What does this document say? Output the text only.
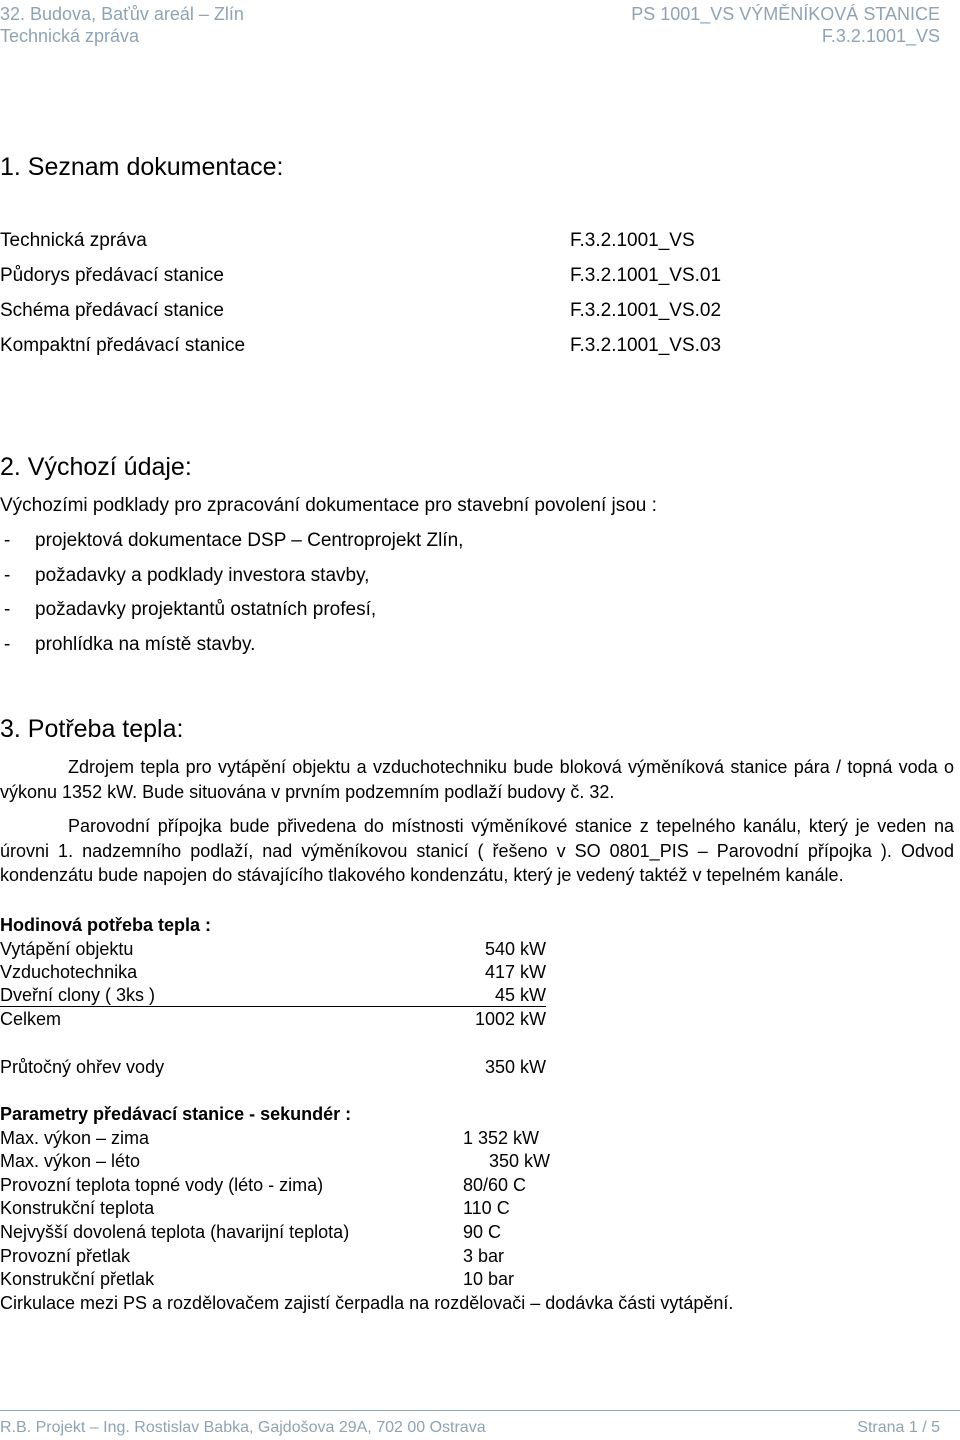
32. Budova, Baťův areál – Zlín
Technická zpráva
PS 1001_VS VÝMĚNÍKOVÁ STANICE
F.3.2.1001_VS
1. Seznam dokumentace:
Technická zpráva	F.3.2.1001_VS
Půdorys předávací stanice	F.3.2.1001_VS.01
Schéma předávací stanice	F.3.2.1001_VS.02
Kompaktní předávací stanice	F.3.2.1001_VS.03
2. Výchozí údaje:
Výchozími podklady pro zpracování dokumentace pro stavební povolení jsou :
- projektová dokumentace DSP – Centroprojekt Zlín,
- požadavky a podklady investora stavby,
- požadavky projektantů ostatních profesí,
- prohlídka na místě stavby.
3. Potřeba tepla:
Zdrojem tepla pro vytápění objektu a vzduchotechniku bude bloková výměníková stanice pára / topná voda o výkonu 1352 kW. Bude situována v prvním podzemním podlaží budovy č. 32.
Parovodní přípojka bude přivedena do místnosti výměníkové stanice z tepelného kanálu, který je veden na úrovni 1. nadzemního podlaží, nad výměníkovou stanicí ( řešeno v SO 0801_PIS – Parovodní přípojka ). Odvod kondenzátu bude napojen do stávajícího tlakového kondenzátu, který je vedený taktéž v tepelném kanále.
Hodinová potřeba tepla :
Vytápění objektu	540 kW
Vzduchotechnika	417 kW
Dveřní clony ( 3ks )	45 kW
Celkem	1002 kW
Průtočný ohřev vody	350 kW
Parametry předávací stanice - sekundér :
Max. výkon – zima	1 352 kW
Max. výkon – léto	350 kW
Provozní teplota topné vody (léto - zima)	80/60 C
Konstrukční teplota	110 C
Nejvyšší dovolená teplota (havarijní teplota)	90 C
Provozní přetlak	3 bar
Konstrukční přetlak	10 bar
Cirkulace mezi PS a rozdělovačem zajistí čerpadla na rozdělovači – dodávka části vytápění.
R.B. Projekt – Ing. Rostislav Babka, Gajdošova 29A, 702 00 Ostrava	Strana 1 / 5
